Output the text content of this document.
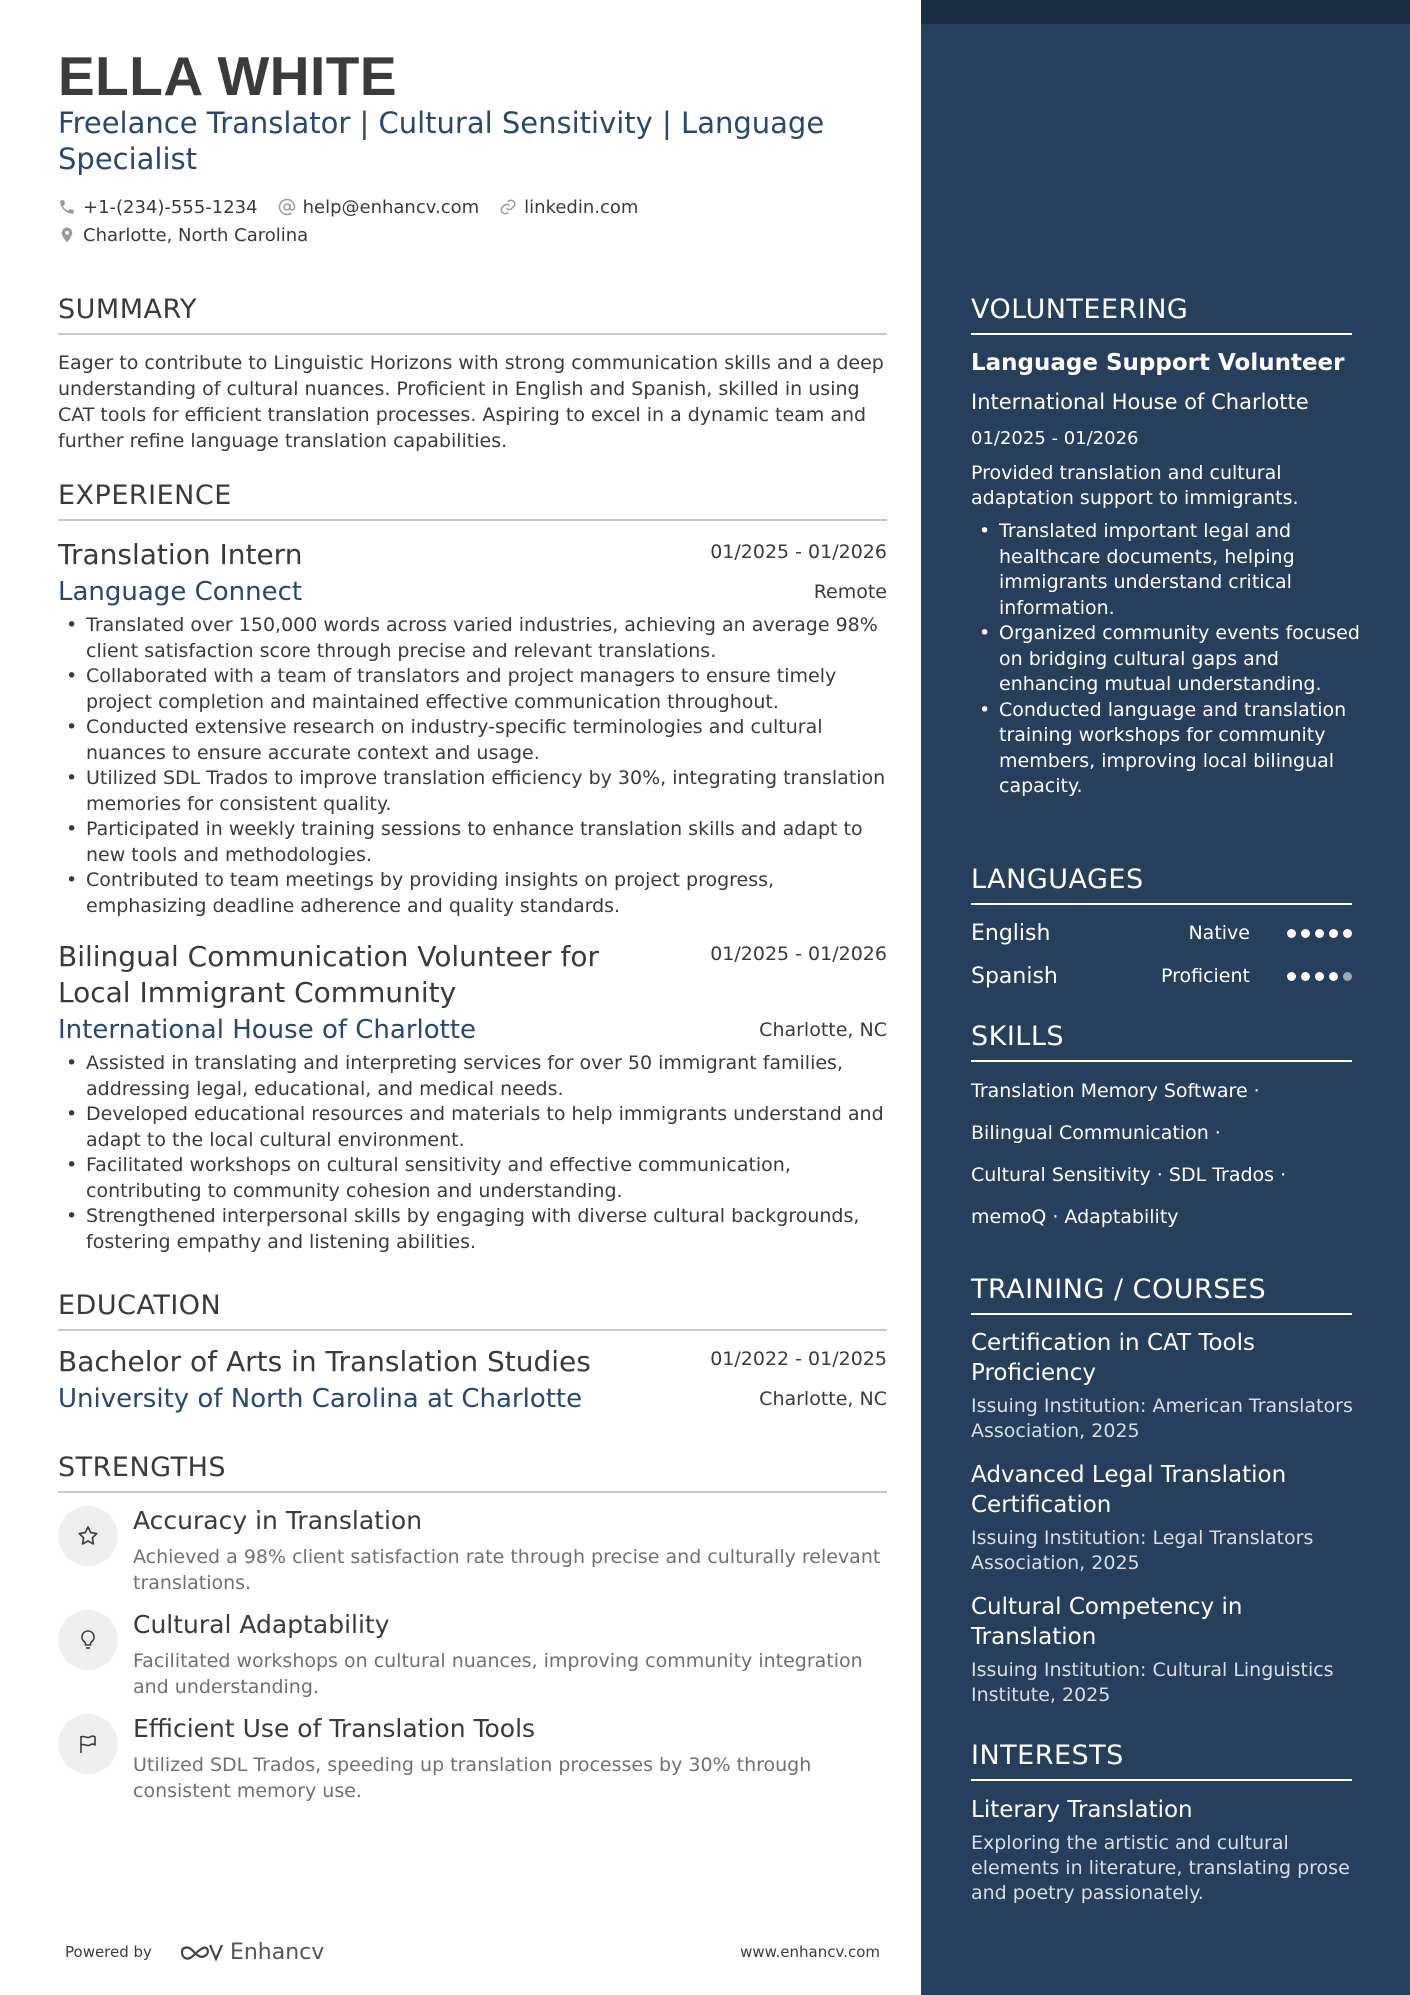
ELLA WHITE
Freelance Translator | Cultural Sensitivity | Language Specialist
+1-(234)-555-1234	help@enhancv.com	linkedin.com
Charlotte, North Carolina
SUMMARY
Eager to contribute to Linguistic Horizons with strong communication skills and a deep understanding of cultural nuances. Proficient in English and Spanish, skilled in using CAT tools for efficient translation processes. Aspiring to excel in a dynamic team and further refine language translation capabilities.
EXPERIENCE
Translation Intern	01/2025 - 01/2026
Language Connect	Remote
• Translated over 150,000 words across varied industries, achieving an average 98% client satisfaction score through precise and relevant translations.
• Collaborated with a team of translators and project managers to ensure timely project completion and maintained effective communication throughout.
• Conducted extensive research on industry-specific terminologies and cultural nuances to ensure accurate context and usage.
• Utilized SDL Trados to improve translation efficiency by 30%, integrating translation memories for consistent quality.
• Participated in weekly training sessions to enhance translation skills and adapt to new tools and methodologies.
• Contributed to team meetings by providing insights on project progress, emphasizing deadline adherence and quality standards.
Bilingual Communication Volunteer for Local Immigrant Community
01/2025 - 01/2026
International House of Charlotte	Charlotte, NC
• Assisted in translating and interpreting services for over 50 immigrant families, addressing legal, educational, and medical needs.
• Developed educational resources and materials to help immigrants understand and adapt to the local cultural environment.
• Facilitated workshops on cultural sensitivity and effective communication, contributing to community cohesion and understanding.
• Strengthened interpersonal skills by engaging with diverse cultural backgrounds, fostering empathy and listening abilities.
EDUCATION
Bachelor of Arts in Translation Studies	01/2022 - 01/2025
University of North Carolina at Charlotte	Charlotte, NC
STRENGTHS
Accuracy in Translation
Achieved a 98% client satisfaction rate through precise and culturally relevant translations.
Cultural Adaptability
Facilitated workshops on cultural nuances, improving community integration and understanding.
Efficient Use of Translation Tools
Utilized SDL Trados, speeding up translation processes by 30% through consistent memory use.
Powered by	Enhancv	www.enhancv.com
VOLUNTEERING
Language Support Volunteer
International House of Charlotte
01/2025 - 01/2026
Provided translation and cultural adaptation support to immigrants.
• Translated important legal and healthcare documents, helping immigrants understand critical information.
• Organized community events focused on bridging cultural gaps and enhancing mutual understanding.
• Conducted language and translation training workshops for community members, improving local bilingual capacity.
LANGUAGES
English	Native
Spanish	Proficient
SKILLS
Translation Memory Software ·
Bilingual Communication ·
Cultural Sensitivity · SDL Trados ·
memoQ · Adaptability
TRAINING / COURSES
Certification in CAT Tools Proficiency
Issuing Institution: American Translators Association, 2025
Advanced Legal Translation Certification
Issuing Institution: Legal Translators Association, 2025
Cultural Competency in Translation
Issuing Institution: Cultural Linguistics Institute, 2025
INTERESTS
Literary Translation
Exploring the artistic and cultural elements in literature, translating prose and poetry passionately.
